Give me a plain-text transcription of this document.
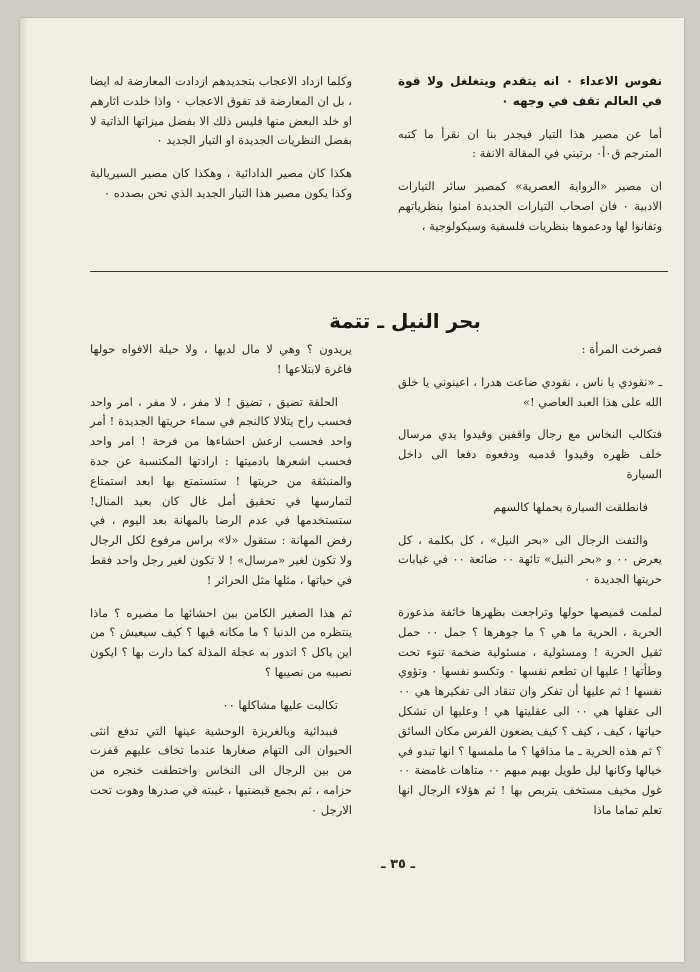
نفوس الاعداء ٠ انه يتقدم ويتغلغل ولا قوة في العالم تقف في وجهه ٠

أما عن مصير هذا التيار فيجدر بنا ان نقرأ ما كتبه المترجم ق٠أ٠ برتيني في المقالة الانفة :

ان مصير «الرواية العصرية» كمصير سائر التيارات الادبية ٠ فان اصحاب التيارات الجديدة امنوا بنظرياتهم وتفانوا لها ودعموها بنظريات فلسفية وسيكولوجية ،

وكلما ازداد الاعجاب بتجديدهم ازدادت المعارضة له ايضا ، بل ان المعارضة قد تفوق الاعجاب ٠ واذا خلدت اثارهم او خلد البعض منها فليس ذلك الا بفضل ميزاتها الذاتية لا بفضل النظريات الجديدة او التيار الجديد ٠

هكذا كان مصير الدادائية ، وهكذا كان مصير السيريالية وكذا يكون مصير هذا التيار الجديد الذي نحن بصدده ٠

بحر النيل ـ تتمة

فصرخت المرأة :

ـ «نقودي يا ناس ، نقودي ضاعت هدرا ، اعينوني يا خلق الله على هذا العبد العاصي !»

فتكالب النخاس مع رجال واقفين وقيدوا يدي مرسال خلف ظهره وقيدوا قدميه ودفعوه دفعا الى داخل السيارة

فانطلقت السيارة بحملها كالسهم

والتفت الرجال الى «بحر النيل» ، كل بكلمة ، كل يعرض ٠٠ و «بحر النيل» تائهة ٠٠ ضائعة ٠٠ في غيابات حريتها الجديدة ٠

لملمت قميصها حولها وتراجعت بظهرها خائفة مذعورة الحرية ، الحرية ما هي ؟ ما جوهرها ؟ حمل ٠٠ حمل ثقيل الحرية ! ومسئولية ، مسئولية ضخمة تنوء تحت وطأتها ! عليها ان تطعم نفسها ٠ وتكسو نفسها ٠ وتؤوي نفسها ! ثم عليها أن تفكر وان تنقاد الى تفكيرها هي ٠٠ الى عقلها هي ٠٠ الى عقليتها هي ! وعليها ان تشكل حياتها ، كيف ، كيف ؟ كيف يضعون الفرس مكان السائق ؟ ثم هذه الحرية ـ ما مذاقها ؟ ما ملمسها ؟ انها تبدو في خيالها وكانها ليل طويل بهيم مبهم ٠٠ متاهات غامضة ٠٠ غول مخيف مستخف يتربص بها ! ثم هؤلاء الرجال انها تعلم تماما ماذا

يريدون ؟ وهي لا مال لديها ، ولا حيلة الافواه حولها فاغرة لابتلاعها !

الحلقة تضيق ، تضيق ! لا مفر ، لا مفر ، امر واحد فحسب راح يتلالا كالنجم في سماء حريتها الجديدة ! أمر واحد فحسب ارعش احشاءها من فرحة ! امر واحد فحسب اشعرها بادميتها : ارادتها المكتسبة عن جدة والمنبثقة من حريتها ! ستستمتع بها ابعد استمتاع لتمارسها في تحقيق أمل غال كان بعيد المنال! ستستخدمها في عدم الرضا بالمهانة بعد اليوم ، في رفض المهانة : ستقول «لا» براس مرفوع لكل الرجال ولا تكون لغير «مرسال» ! لا تكون لغير رجل واحد فقط في حياتها ، مثلها مثل الحرائر !

ثم هذا الصغير الكامن بين احشائها ما مصيره ؟ ماذا ينتظره من الدنيا ؟ ما مكانه فيها ؟ كيف سيعيش ؟ من اين ياكل ؟ اتدور به عجلة المذلة كما دارت بها ؟ ايكون نصيبه من نصيبها ؟

تكالبت عليها مشاكلها ٠٠

فببدائية وبالغريزة الوحشية عينها التي تدفع انثى الحيوان الى التهام صغارها عندما تخاف عليهم قفزت من بين الرجال الى النخاس واختطفت خنجره من حزامه ، ثم بجمع قبضتيها ، غيبته في صدرها وهوت تحت الارجل ٠

ـ ٣٥ ـ
